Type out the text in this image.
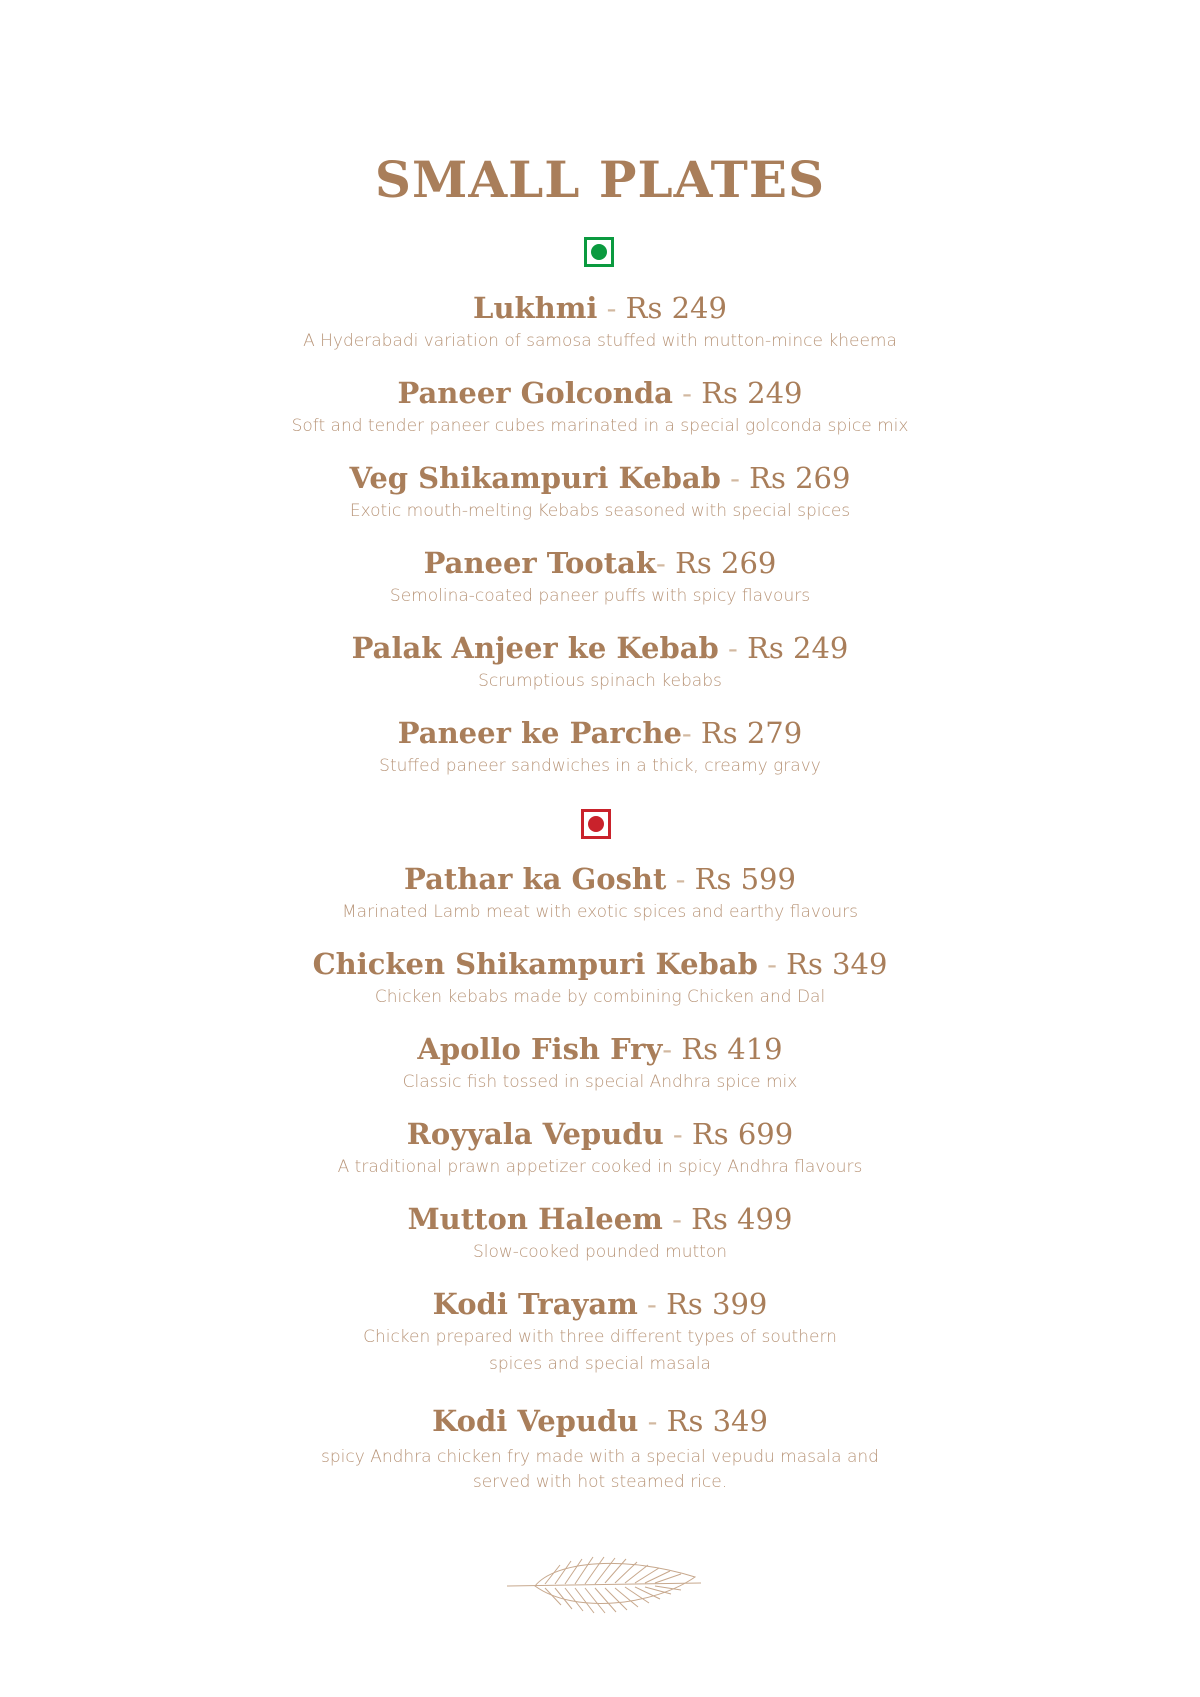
SMALL PLATES
Lukhmi - Rs 249
A Hyderabadi variation of samosa stuffed with mutton-mince kheema
Paneer Golconda - Rs 249
Soft and tender paneer cubes marinated in a special golconda spice mix
Veg Shikampuri Kebab - Rs 269
Exotic mouth-melting Kebabs seasoned with special spices
Paneer Tootak- Rs 269
Semolina-coated paneer puffs with spicy flavours
Palak Anjeer ke Kebab - Rs 249
Scrumptious spinach kebabs
Paneer ke Parche- Rs 279
Stuffed paneer sandwiches in a thick, creamy gravy
Pathar ka Gosht - Rs 599
Marinated Lamb meat with exotic spices and earthy flavours
Chicken Shikampuri Kebab - Rs 349
Chicken kebabs made by combining Chicken and Dal
Apollo Fish Fry- Rs 419
Classic fish tossed in special Andhra spice mix
Royyala Vepudu - Rs 699
A traditional prawn appetizer cooked in spicy Andhra flavours
Mutton Haleem - Rs 499
Slow-cooked pounded mutton
Kodi Trayam - Rs 399
Chicken prepared with three different types of southern
spices and special masala
Kodi Vepudu - Rs 349
spicy Andhra chicken fry made with a special vepudu masala and
served with hot steamed rice.
